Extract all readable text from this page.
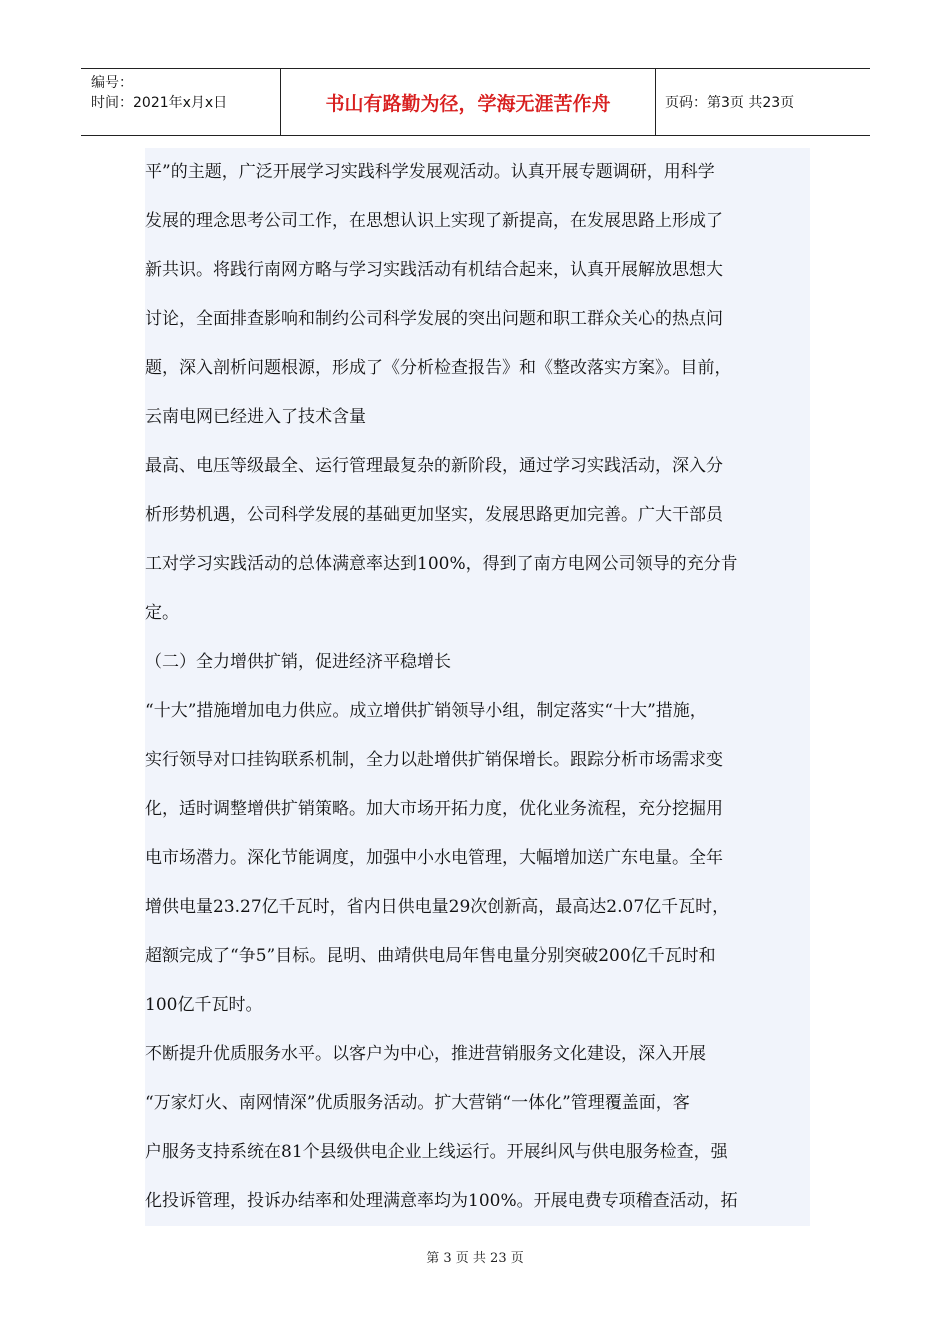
编号：
时间：2021年x月x日	书山有路勤为径，学海无涯苦作舟	页码：第3页 共23页
平”的主题，广泛开展学习实践科学发展观活动。认真开展专题调研，用科学
发展的理念思考公司工作，在思想认识上实现了新提高，在发展思路上形成了
新共识。将践行南网方略与学习实践活动有机结合起来，认真开展解放思想大
讨论，全面排查影响和制约公司科学发展的突出问题和职工群众关心的热点问
题，深入剖析问题根源，形成了《分析检查报告》和《整改落实方案》。目前，
云南电网已经进入了技术含量
最高、电压等级最全、运行管理最复杂的新阶段，通过学习实践活动，深入分
析形势机遇，公司科学发展的基础更加坚实，发展思路更加完善。广大干部员
工对学习实践活动的总体满意率达到100%，得到了南方电网公司领导的充分肯
定。
（二）全力增供扩销，促进经济平稳增长
“十大”措施增加电力供应。成立增供扩销领导小组，制定落实“十大”措施，
实行领导对口挂钩联系机制，全力以赴增供扩销保增长。跟踪分析市场需求变
化，适时调整增供扩销策略。加大市场开拓力度，优化业务流程，充分挖掘用
电市场潜力。深化节能调度，加强中小水电管理，大幅增加送广东电量。全年
增供电量23.27亿千瓦时，省内日供电量29次创新高，最高达2.07亿千瓦时，
超额完成了“争5”目标。昆明、曲靖供电局年售电量分别突破200亿千瓦时和
100亿千瓦时。
不断提升优质服务水平。以客户为中心，推进营销服务文化建设，深入开展
“万家灯火、南网情深”优质服务活动。扩大营销“一体化”管理覆盖面，客
户服务支持系统在81个县级供电企业上线运行。开展纠风与供电服务检查，强
化投诉管理，投诉办结率和处理满意率均为100%。开展电费专项稽查活动，拓
第 3 页 共 23 页
